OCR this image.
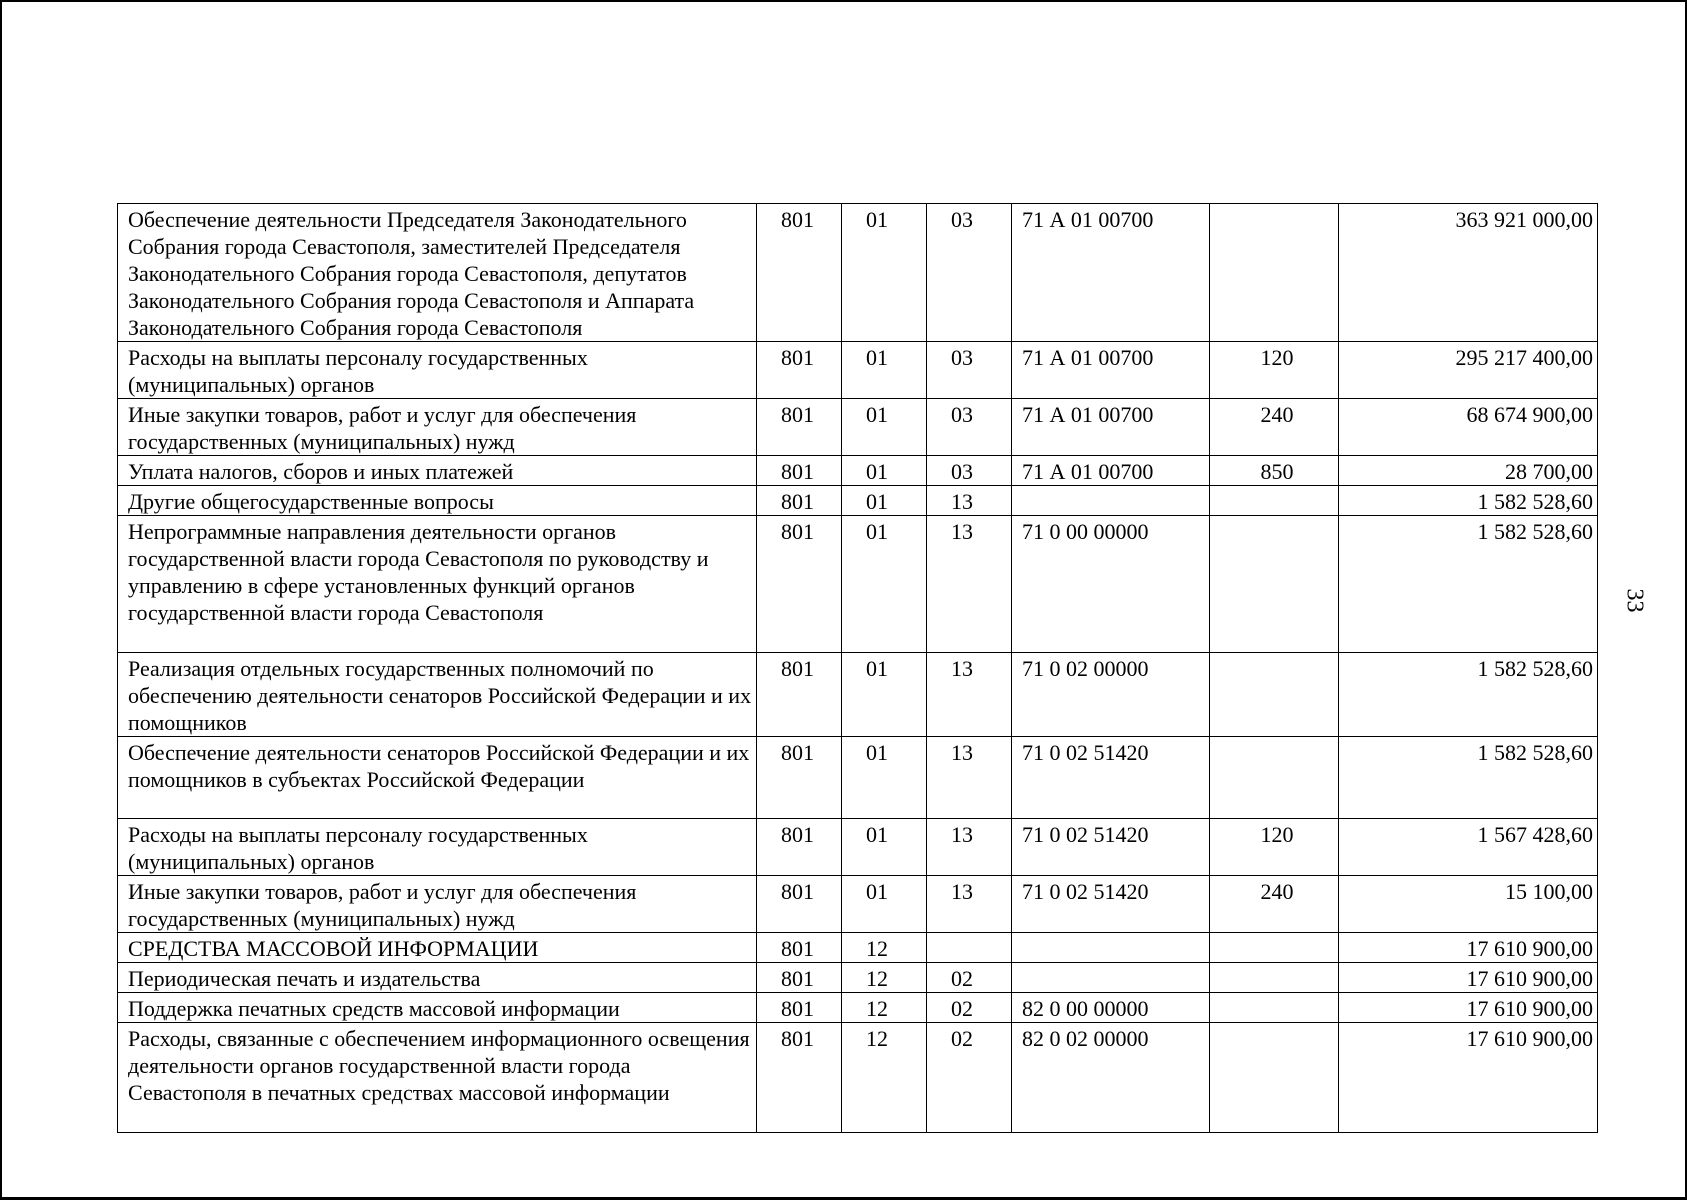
Обеспечение деятельности Председателя Законодательного Собрания города Севастополя, заместителей Председателя Законодательного Собрания города Севастополя, депутатов Законодательного Собрания города Севастополя и Аппарата Законодательного Собрания города Севастополя	801	01	03	71 А 01 00700		363 921 000,00
Расходы на выплаты персоналу государственных (муниципальных) органов	801	01	03	71 А 01 00700	120	295 217 400,00
Иные закупки товаров, работ и услуг для обеспечения государственных (муниципальных) нужд	801	01	03	71 А 01 00700	240	68 674 900,00
Уплата налогов, сборов и иных платежей	801	01	03	71 А 01 00700	850	28 700,00
Другие общегосударственные вопросы	801	01	13			1 582 528,60
Непрограммные направления деятельности органов государственной власти города Севастополя по руководству и управлению в сфере установленных функций органов государственной власти города Севастополя	801	01	13	71 0 00 00000		1 582 528,60
Реализация отдельных государственных полномочий по обеспечению деятельности сенаторов Российской Федерации и их помощников	801	01	13	71 0 02 00000		1 582 528,60
Обеспечение деятельности сенаторов Российской Федерации и их помощников в субъектах Российской Федерации	801	01	13	71 0 02 51420		1 582 528,60
Расходы на выплаты персоналу государственных (муниципальных) органов	801	01	13	71 0 02 51420	120	1 567 428,60
Иные закупки товаров, работ и услуг для обеспечения государственных (муниципальных) нужд	801	01	13	71 0 02 51420	240	15 100,00
СРЕДСТВА МАССОВОЙ ИНФОРМАЦИИ	801	12				17 610 900,00
Периодическая печать и издательства	801	12	02			17 610 900,00
Поддержка печатных средств массовой информации	801	12	02	82 0 00 00000		17 610 900,00
Расходы, связанные с обеспечением информационного освещения деятельности органов государственной власти города Севастополя в печатных средствах массовой информации	801	12	02	82 0 02 00000		17 610 900,00
33
